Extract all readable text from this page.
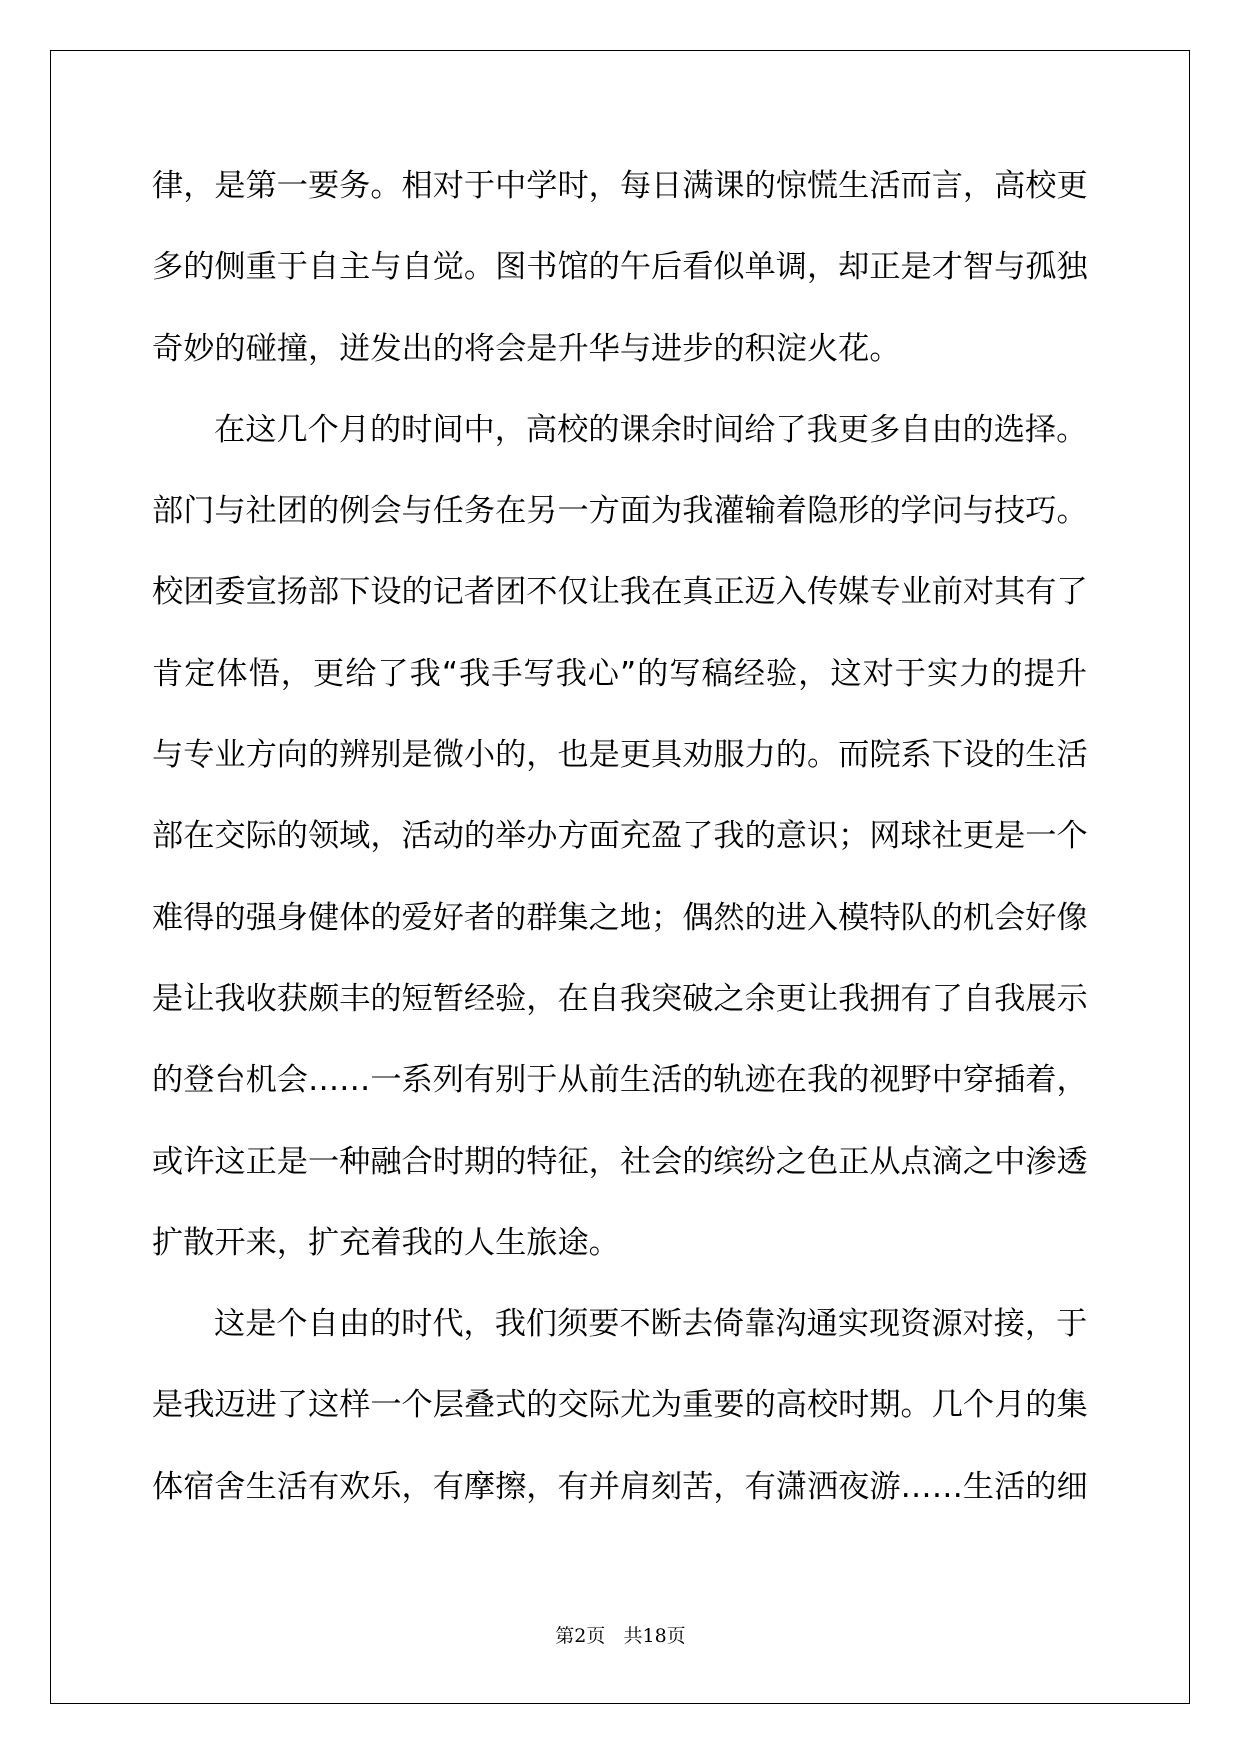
律，是第一要务。相对于中学时，每日满课的惊慌生活而言，高校更
多的侧重于自主与自觉。图书馆的午后看似单调，却正是才智与孤独
奇妙的碰撞，迸发出的将会是升华与进步的积淀火花。
在这几个月的时间中，高校的课余时间给了我更多自由的选择。
部门与社团的例会与任务在另一方面为我灌输着隐形的学问与技巧。
校团委宣扬部下设的记者团不仅让我在真正迈入传媒专业前对其有了
肯定体悟，更给了我“我手写我心”的写稿经验，这对于实力的提升
与专业方向的辨别是微小的，也是更具劝服力的。而院系下设的生活
部在交际的领域，活动的举办方面充盈了我的意识；网球社更是一个
难得的强身健体的爱好者的群集之地；偶然的进入模特队的机会好像
是让我收获颇丰的短暂经验，在自我突破之余更让我拥有了自我展示
的登台机会……一系列有别于从前生活的轨迹在我的视野中穿插着，
或许这正是一种融合时期的特征，社会的缤纷之色正从点滴之中渗透
扩散开来，扩充着我的人生旅途。
这是个自由的时代，我们须要不断去倚靠沟通实现资源对接，于
是我迈进了这样一个层叠式的交际尤为重要的高校时期。几个月的集
体宿舍生活有欢乐，有摩擦，有并肩刻苦，有潇洒夜游……生活的细
第2页   共18页
